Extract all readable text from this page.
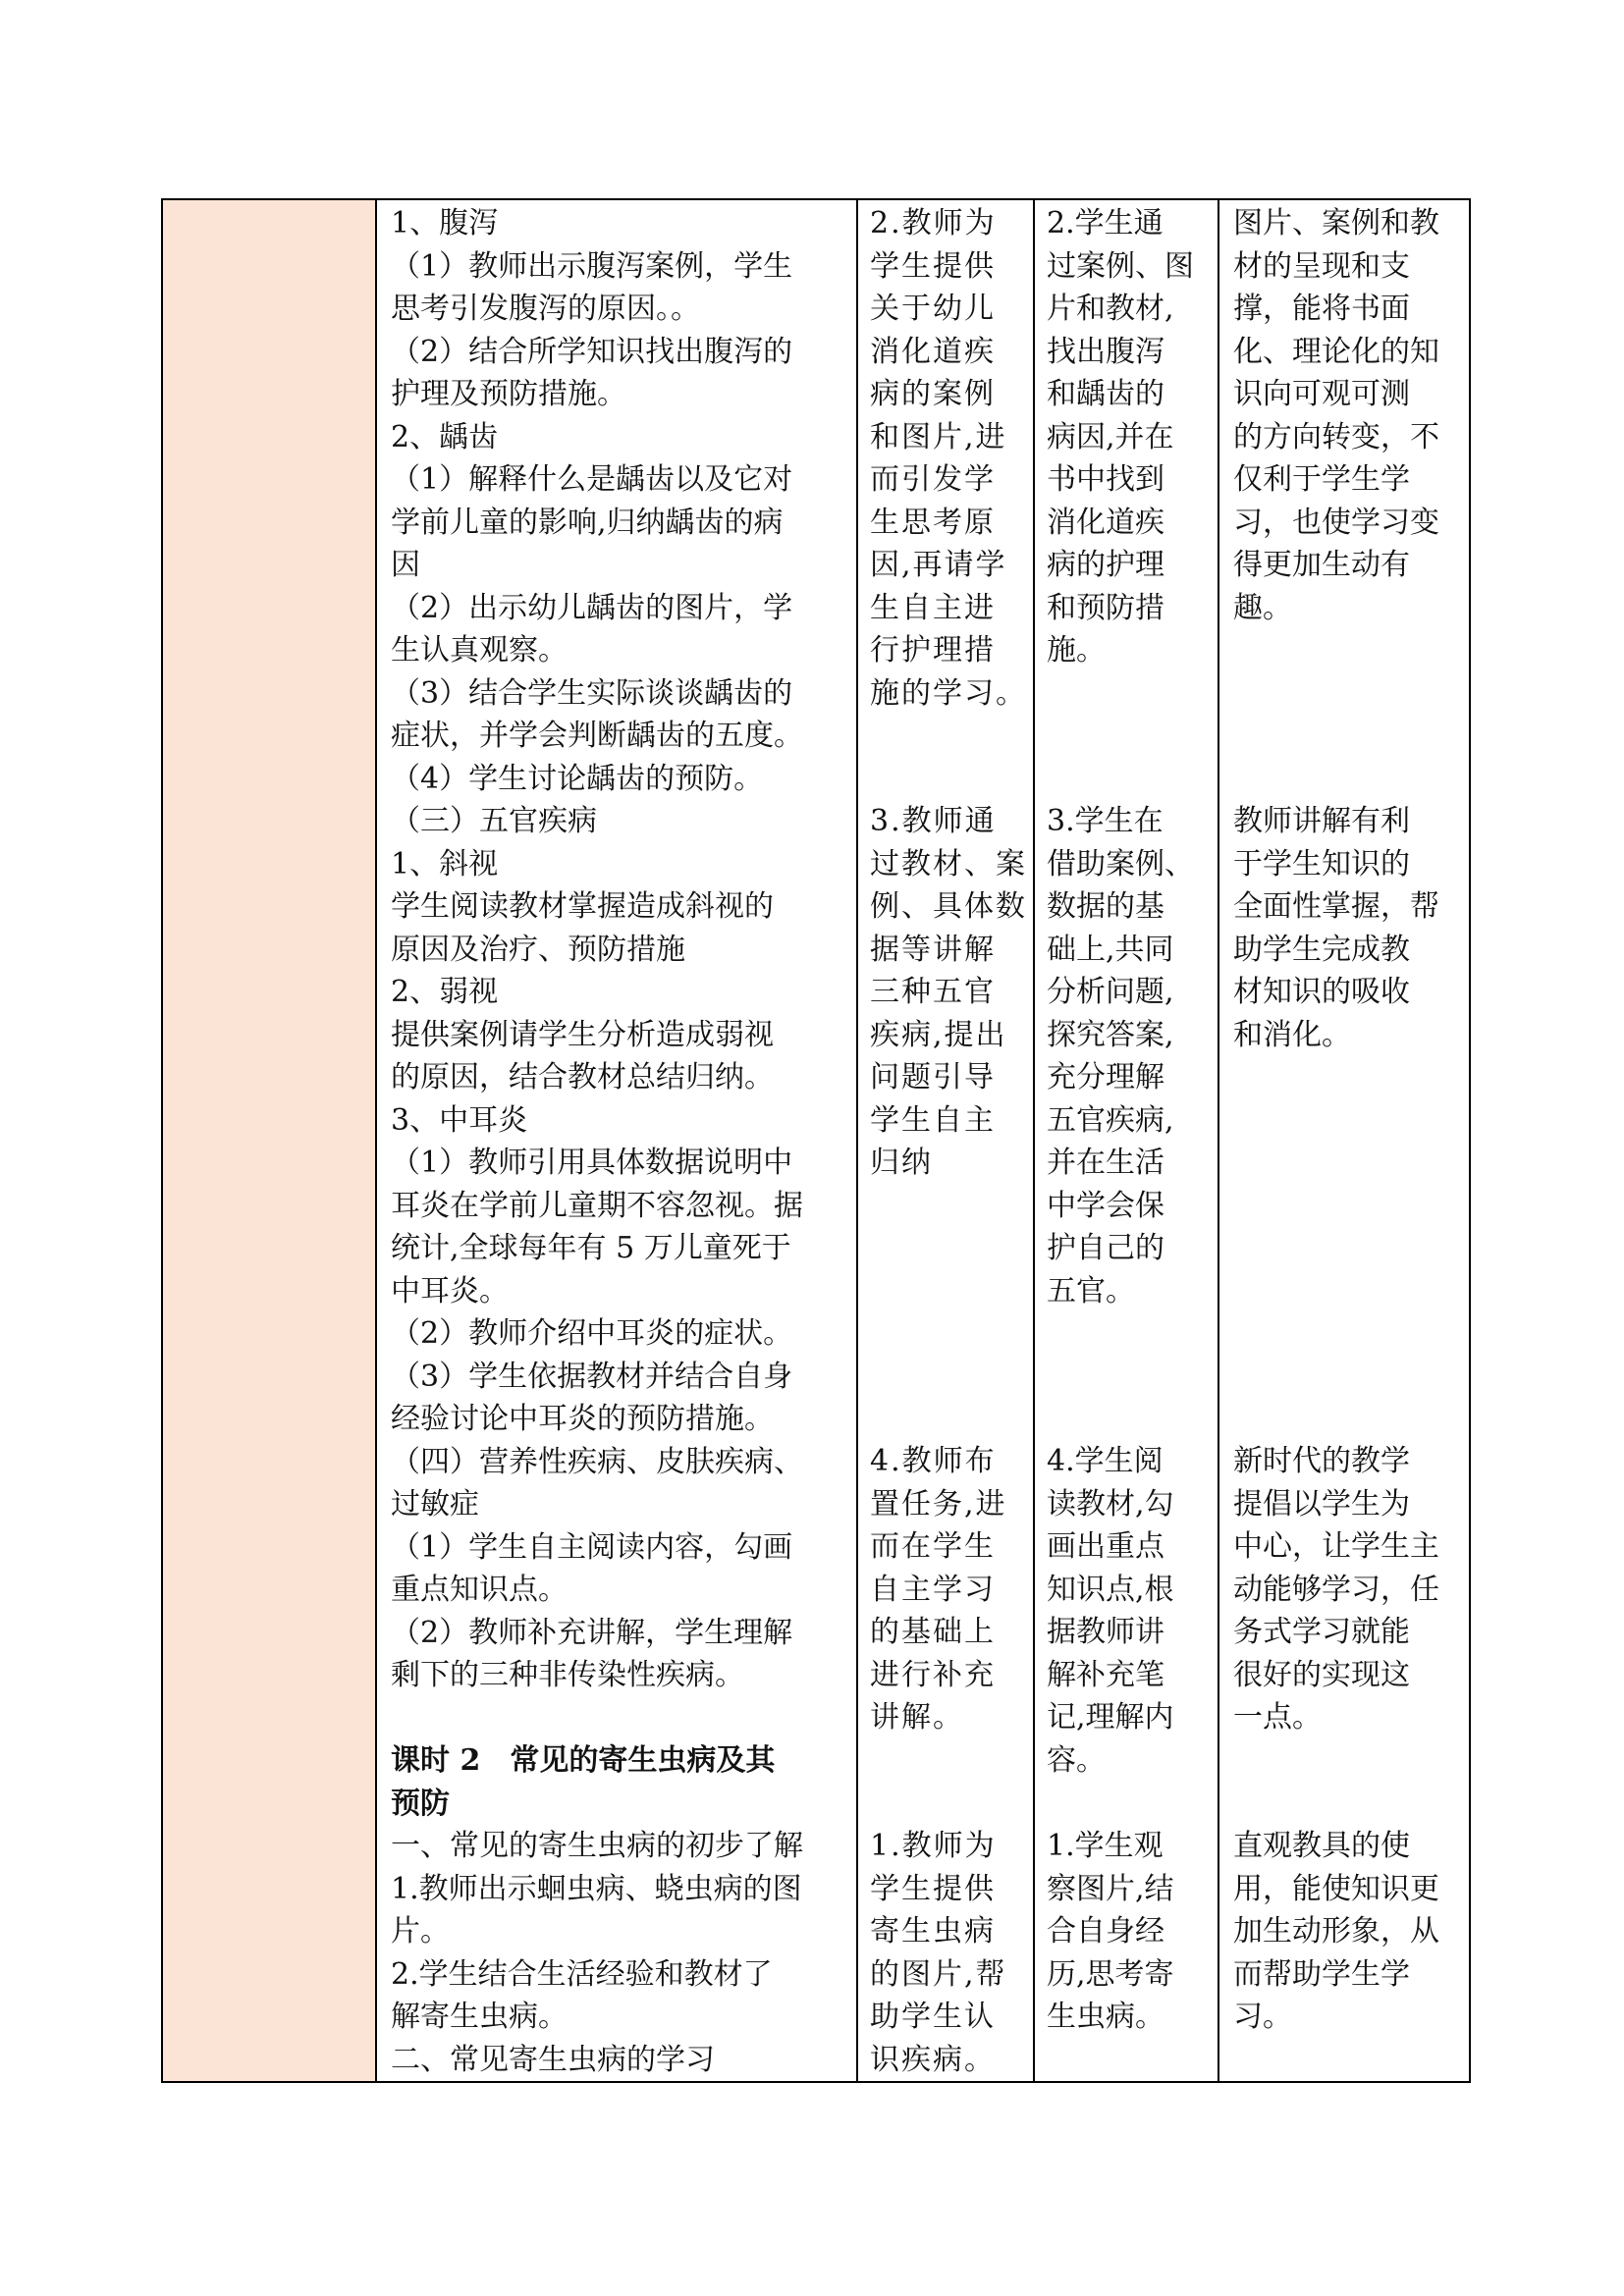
1、腹泻
（1）教师出示腹泻案例，学生
思考引发腹泻的原因。。
（2）结合所学知识找出腹泻的
护理及预防措施。
2、龋齿
（1）解释什么是龋齿以及它对
学前儿童的影响,归纳龋齿的病
因
（2）出示幼儿龋齿的图片，学
生认真观察。
（3）结合学生实际谈谈龋齿的
症状，并学会判断龋齿的五度。
（4）学生讨论龋齿的预防。
（三）五官疾病
1、斜视
学生阅读教材掌握造成斜视的
原因及治疗、预防措施
2、弱视
提供案例请学生分析造成弱视
的原因，结合教材总结归纳。
3、中耳炎
（1）教师引用具体数据说明中
耳炎在学前儿童期不容忽视。据
统计,全球每年有 5 万儿童死于
中耳炎。
（2）教师介绍中耳炎的症状。
（3）学生依据教材并结合自身
经验讨论中耳炎的预防措施。
（四）营养性疾病、皮肤疾病、
过敏症
（1）学生自主阅读内容，勾画
重点知识点。
（2）教师补充讲解，学生理解
剩下的三种非传染性疾病。

课时 2　常见的寄生虫病及其
预防
一、常见的寄生虫病的初步了解
1.教师出示蛔虫病、蛲虫病的图
片。
2.学生结合生活经验和教材了
解寄生虫病。
二、常见寄生虫病的学习
2.教师为
学生提供
关于幼儿
消化道疾
病的案例
和图片,进
而引发学
生思考原
因,再请学
生自主进
行护理措
施的学习。
3.教师通
过教材、案
例、具体数
据等讲解
三种五官
疾病,提出
问题引导
学生自主
归纳
4.教师布
置任务,进
而在学生
自主学习
的基础上
进行补充
讲解。
1.教师为
学生提供
寄生虫病
的图片,帮
助学生认
识疾病。
2.学生通
过案例、图
片和教材,
找出腹泻
和龋齿的
病因,并在
书中找到
消化道疾
病的护理
和预防措
施。
3.学生在
借助案例、
数据的基
础上,共同
分析问题,
探究答案,
充分理解
五官疾病,
并在生活
中学会保
护自己的
五官。
4.学生阅
读教材,勾
画出重点
知识点,根
据教师讲
解补充笔
记,理解内
容。
1.学生观
察图片,结
合自身经
历,思考寄
生虫病。
图片、案例和教
材的呈现和支
撑，能将书面
化、理论化的知
识向可观可测
的方向转变，不
仅利于学生学
习，也使学习变
得更加生动有
趣。
教师讲解有利
于学生知识的
全面性掌握，帮
助学生完成教
材知识的吸收
和消化。
新时代的教学
提倡以学生为
中心，让学生主
动能够学习，任
务式学习就能
很好的实现这
一点。
直观教具的使
用，能使知识更
加生动形象，从
而帮助学生学
习。
